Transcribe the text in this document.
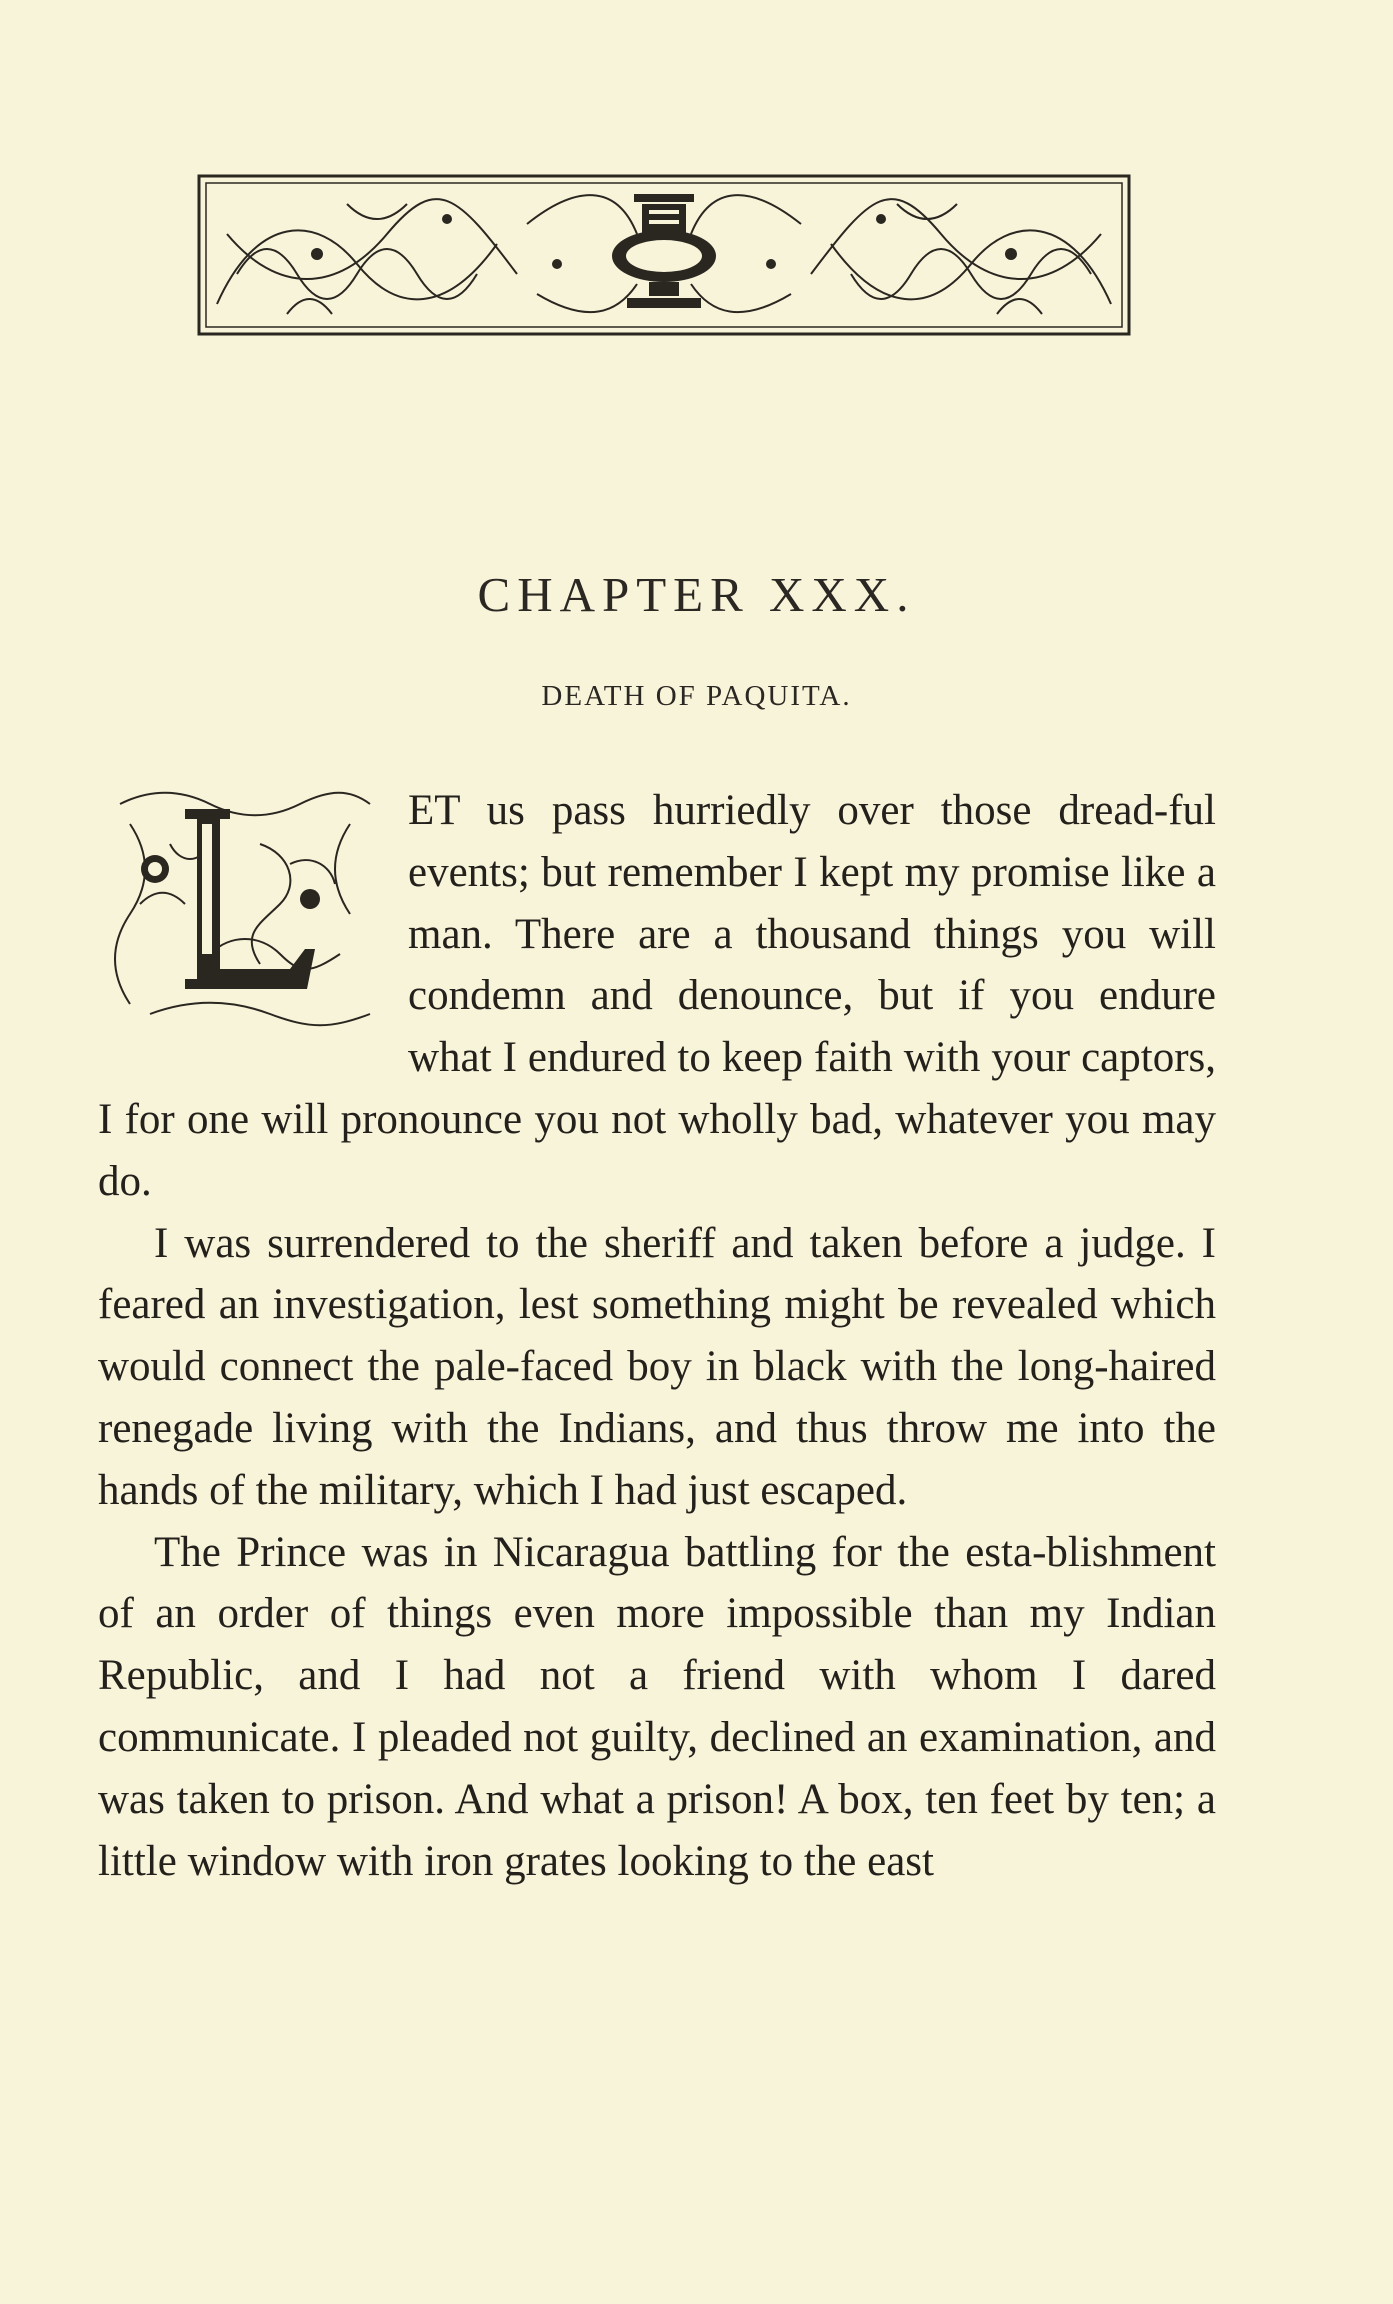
CHAPTER XXX.
DEATH OF PAQUITA.

ET us pass hurriedly over those dread-ful events; but remember I kept my promise like a man. There are a thousand things you will condemn and denounce, but if you endure what I endured to keep faith with your captors, I for one will pronounce you not wholly bad, whatever you may do.

I was surrendered to the sheriff and taken before a judge. I feared an investigation, lest something might be revealed which would connect the pale-faced boy in black with the long-haired renegade living with the Indians, and thus throw me into the hands of the military, which I had just escaped.

The Prince was in Nicaragua battling for the esta-blishment of an order of things even more impossible than my Indian Republic, and I had not a friend with whom I dared communicate. I pleaded not guilty, declined an examination, and was taken to prison. And what a prison! A box, ten feet by ten; a little window with iron grates looking to the east
